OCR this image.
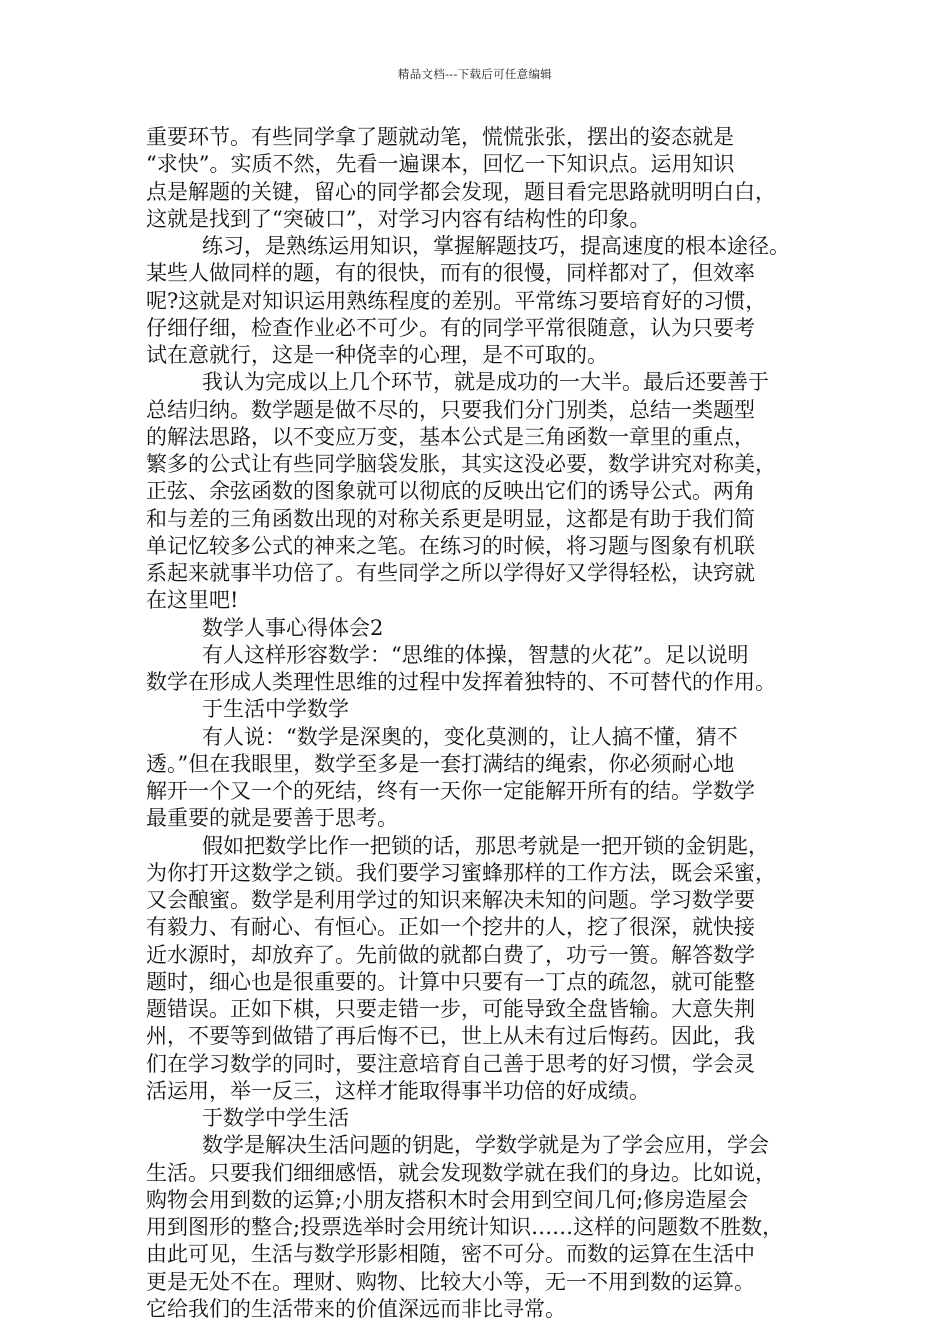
精品文档---下载后可任意编辑
重要环节。有些同学拿了题就动笔，慌慌张张，摆出的姿态就是
“求快”。实质不然，先看一遍课本，回忆一下知识点。运用知识
点是解题的关键，留心的同学都会发现，题目看完思路就明明白白，
这就是找到了“突破口”，对学习内容有结构性的印象。
练习，是熟练运用知识，掌握解题技巧，提高速度的根本途径。
某些人做同样的题，有的很快，而有的很慢，同样都对了，但效率
呢?这就是对知识运用熟练程度的差别。平常练习要培育好的习惯，
仔细仔细，检查作业必不可少。有的同学平常很随意，认为只要考
试在意就行，这是一种侥幸的心理，是不可取的。
我认为完成以上几个环节，就是成功的一大半。最后还要善于
总结归纳。数学题是做不尽的，只要我们分门别类，总结一类题型
的解法思路，以不变应万变，基本公式是三角函数一章里的重点，
繁多的公式让有些同学脑袋发胀，其实这没必要，数学讲究对称美，
正弦、余弦函数的图象就可以彻底的反映出它们的诱导公式。两角
和与差的三角函数出现的对称关系更是明显，这都是有助于我们简
单记忆较多公式的神来之笔。在练习的时候，将习题与图象有机联
系起来就事半功倍了。有些同学之所以学得好又学得轻松，诀窍就
在这里吧!
数学人事心得体会2
有人这样形容数学：“思维的体操，智慧的火花”。足以说明
数学在形成人类理性思维的过程中发挥着独特的、不可替代的作用。
于生活中学数学
有人说：“数学是深奥的，变化莫测的，让人搞不懂，猜不
透。”但在我眼里，数学至多是一套打满结的绳索，你必须耐心地
解开一个又一个的死结，终有一天你一定能解开所有的结。学数学
最重要的就是要善于思考。
假如把数学比作一把锁的话，那思考就是一把开锁的金钥匙，
为你打开这数学之锁。我们要学习蜜蜂那样的工作方法，既会采蜜，
又会酿蜜。数学是利用学过的知识来解决未知的问题。学习数学要
有毅力、有耐心、有恒心。正如一个挖井的人，挖了很深，就快接
近水源时，却放弃了。先前做的就都白费了，功亏一篑。解答数学
题时，细心也是很重要的。计算中只要有一丁点的疏忽，就可能整
题错误。正如下棋，只要走错一步，可能导致全盘皆输。大意失荆
州，不要等到做错了再后悔不已，世上从未有过后悔药。因此，我
们在学习数学的同时，要注意培育自己善于思考的好习惯，学会灵
活运用，举一反三，这样才能取得事半功倍的好成绩。
于数学中学生活
数学是解决生活问题的钥匙，学数学就是为了学会应用，学会
生活。只要我们细细感悟，就会发现数学就在我们的身边。比如说，
购物会用到数的运算;小朋友搭积木时会用到空间几何;修房造屋会
用到图形的整合;投票选举时会用统计知识……这样的问题数不胜数，
由此可见，生活与数学形影相随，密不可分。而数的运算在生活中
更是无处不在。理财、购物、比较大小等，无一不用到数的运算。
它给我们的生活带来的价值深远而非比寻常。
